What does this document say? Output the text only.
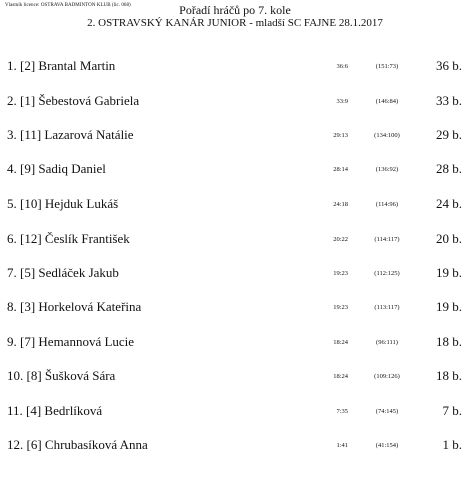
Vlastník licence: OSTRAVA BADMINTON KLUB (lic. 068)	Pořadí hráčů po 7. kole
2. OSTRAVSKÝ KANÁR JUNIOR - mladší SC FAJNE 28.1.2017
1. [2] Brantal Martin	36:6	(151:73)	36 b.
2. [1] Šebestová Gabriela	33:9	(146:84)	33 b.
3. [11] Lazarová Natálie	29:13	(134:100)	29 b.
4. [9] Sadiq Daniel	28:14	(136:92)	28 b.
5. [10] Hejduk Lukáš	24:18	(114:96)	24 b.
6. [12] Česlík František	20:22	(114:117)	20 b.
7. [5] Sedláček Jakub	19:23	(112:125)	19 b.
8. [3] Horkelová Kateřina	19:23	(113:117)	19 b.
9. [7] Hemannová Lucie	18:24	(96:111)	18 b.
10. [8] Šušková Sára	18:24	(109:126)	18 b.
11. [4] Bedrlíková	7:35	(74:145)	7 b.
12. [6] Chrubasíková Anna	1:41	(41:154)	1 b.
